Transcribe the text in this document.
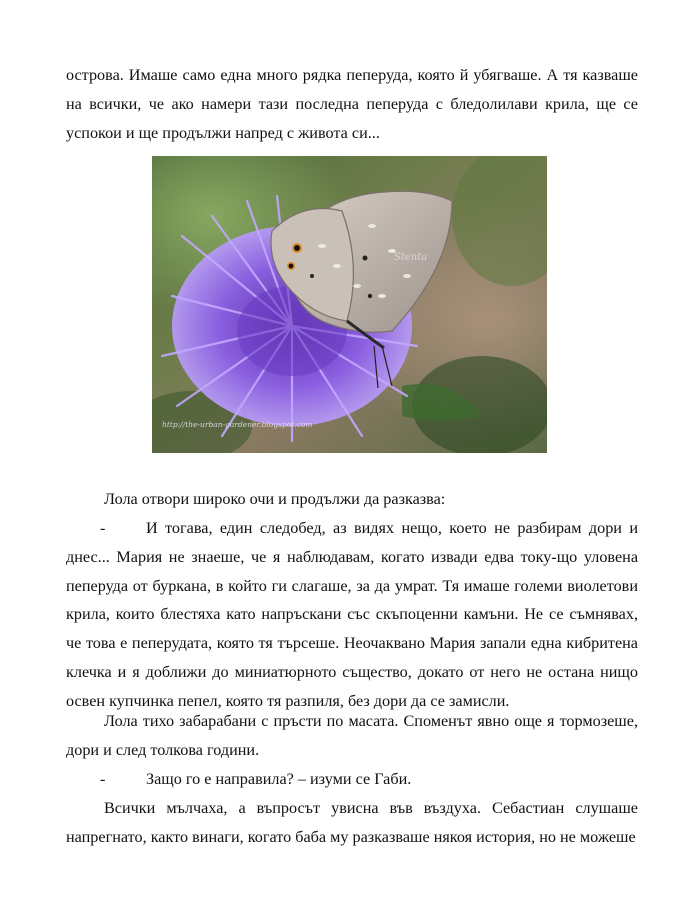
острова. Имаше само една много рядка пеперуда, която й убягваше. А тя казваше на всички, че ако намери тази последна пеперуда с бледолилави крила, ще се успокои и ще продължи напред с живота си...

Stenta
http://the-urban-gardener.blogspot.com

Лола отвори широко очи и продължи да разказва:

-	И тогава, един следобед, аз видях нещо, което не разбирам дори и днес... Мария не знаеше, че я наблюдавам, когато извади едва току-що уловена пеперуда от буркана, в който ги слагаше, за да умрат. Тя имаше големи виолетови крила, които блестяха като напръскани със скъпоценни камъни. Не се съмнявах, че това е пеперудата, която тя търсеше. Неочаквано Мария запали една кибритена клечка и я доближи до миниатюрното същество, докато от него не остана нищо освен купчинка пепел, която тя разпиля, без дори да се замисли.

Лола тихо забарабани с пръсти по масата. Споменът явно още я тормозеше, дори и след толкова години.

-	Защо го е направила? – изуми се Габи.

Всички мълчаха, а въпросът увисна във въздуха. Себастиан слушаше напрегнато, както винаги, когато баба му разказваше някоя история, но не можеше
